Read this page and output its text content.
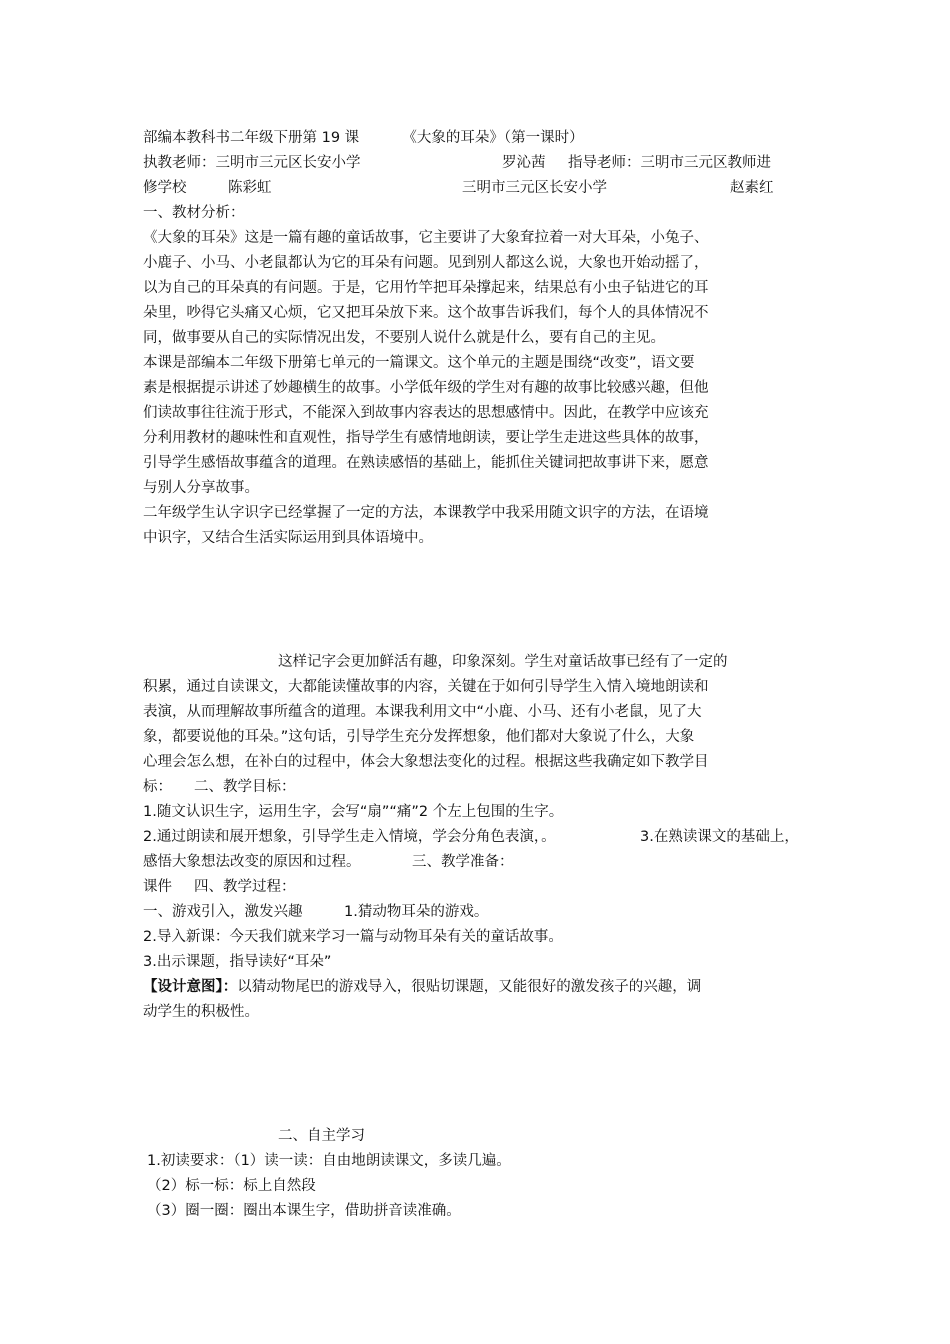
部编本教科书二年级下册第 19 课	《大象的耳朵》（第一课时）
执教老师：三明市三元区长安小学	罗沁茜 指导老师：三明市三元区教师进
修学校	陈彩虹	三明市三元区长安小学	赵素红
一、教材分析：
《大象的耳朵》这是一篇有趣的童话故事，它主要讲了大象耷拉着一对大耳朵，小兔子、
小鹿子、小马、小老鼠都认为它的耳朵有问题。见到别人都这么说，大象也开始动摇了，
以为自己的耳朵真的有问题。于是，它用竹竿把耳朵撑起来，结果总有小虫子钻进它的耳
朵里，吵得它头痛又心烦，它又把耳朵放下来。这个故事告诉我们，每个人的具体情况不
同，做事要从自己的实际情况出发，不要别人说什么就是什么，要有自己的主见。
本课是部编本二年级下册第七单元的一篇课文。这个单元的主题是围绕“改变”，语文要
素是根据提示讲述了妙趣横生的故事。小学低年级的学生对有趣的故事比较感兴趣，但他
们读故事往往流于形式，不能深入到故事内容表达的思想感情中。因此，在教学中应该充
分利用教材的趣味性和直观性，指导学生有感情地朗读，要让学生走进这些具体的故事，
引导学生感悟故事蕴含的道理。在熟读感悟的基础上，能抓住关键词把故事讲下来，愿意
与别人分享故事。
二年级学生认字识字已经掌握了一定的方法，本课教学中我采用随文识字的方法，在语境
中识字，又结合生活实际运用到具体语境中。
这样记字会更加鲜活有趣，印象深刻。学生对童话故事已经有了一定的
积累，通过自读课文，大都能读懂故事的内容，关键在于如何引导学生入情入境地朗读和
表演，从而理解故事所蕴含的道理。本课我利用文中“小鹿、小马、还有小老鼠，见了大
象，都要说他的耳朵。”这句话，引导学生充分发挥想象，他们都对大象说了什么，大象
心理会怎么想，在补白的过程中，体会大象想法变化的过程。根据这些我确定如下教学目
标： 二、教学目标：
1.随文认识生字，运用生字，会写“扇”“痛”2 个左上包围的生字。
2.通过朗读和展开想象，引导学生走入情境，学会分角色表演，。	3.在熟读课文的基础上，
感悟大象想法改变的原因和过程。	三、教学准备：
课件 四、教学过程：
一、游戏引入，激发兴趣	1.猜动物耳朵的游戏。
2.导入新课：今天我们就来学习一篇与动物耳朵有关的童话故事。
3.出示课题，指导读好“耳朵”
【设计意图】：以猜动物尾巴的游戏导入，很贴切课题，又能很好的激发孩子的兴趣，调
动学生的积极性。
二、自主学习
1.初读要求：（1）读一读：自由地朗读课文，多读几遍。
（2）标一标：标上自然段
（3）圈一圈：圈出本课生字，借助拼音读准确。
